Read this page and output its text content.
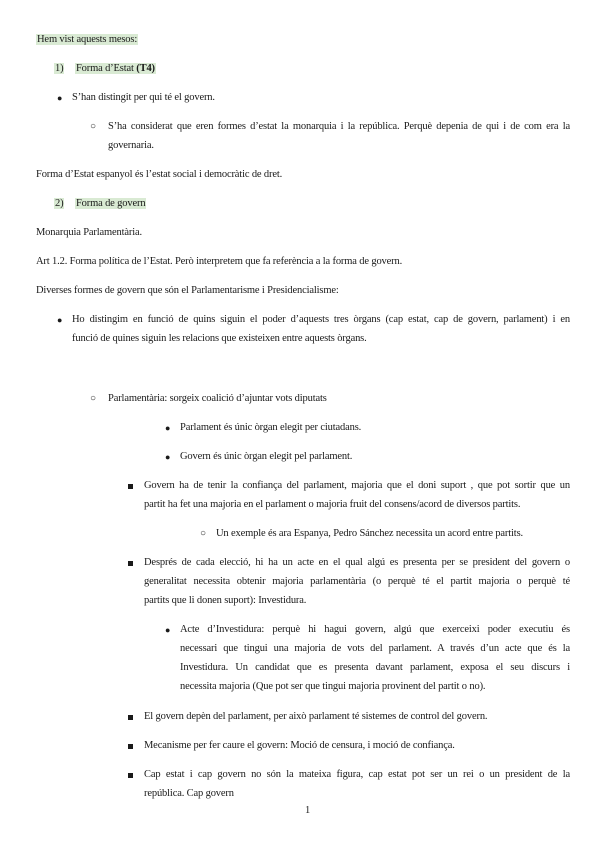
Hem vist aquests mesos:
1) Forma d’Estat (T4)
● S’han distingit per qui té el govern.
○ S’ha considerat que eren formes d’estat la monarquia i la república. Perquè depenia de qui i de com era la
governaria.
Forma d’Estat espanyol és l’estat social i democràtic de dret.
2) Forma de govern
Monarquia Parlamentària.
Art 1.2. Forma política de l’Estat. Però interpretem que fa referència a la forma de govern.
Diverses formes de govern que són el Parlamentarisme i Presidencialisme:
● Ho distingim en funció de quins siguin el poder d’aquests tres òrgans (cap estat, cap de govern, parlament) i en
funció de quines siguin les relacions que existeixen entre aquests òrgans.
○ Parlamentària: sorgeix coalició d’ajuntar vots diputats
● Parlament és únic òrgan elegit per ciutadans.
● Govern és únic òrgan elegit pel parlament.
Govern ha de tenir la confiança del parlament, majoria que el doni suport , que pot sortir que un
partit ha fet una majoria en el parlament o majoria fruit del consens/acord de diversos partits.
○ Un exemple és ara Espanya, Pedro Sánchez necessita un acord entre partits.
Després de cada elecció, hi ha un acte en el qual algú es presenta per se president del govern o
generalitat necessita obtenir majoria parlamentària (o perquè té el partit majoria o perquè té
partits que li donen suport): Investidura.
● Acte d’Investidura: perquè hi hagui govern, algú que exerceixi poder executiu és
necessari que tingui una majoria de vots del parlament. A través d’un acte que és la
Investidura. Un candidat que es presenta davant parlament, exposa el seu discurs i
necessita majoria (Que pot ser que tingui majoria provinent del partit o no).
El govern depèn del parlament, per això parlament té sistemes de control del govern.
Mecanisme per fer caure el govern: Moció de censura, i moció de confiança.
Cap estat i cap govern no són la mateixa figura, cap estat pot ser un rei o un president de la
república. Cap govern
1
